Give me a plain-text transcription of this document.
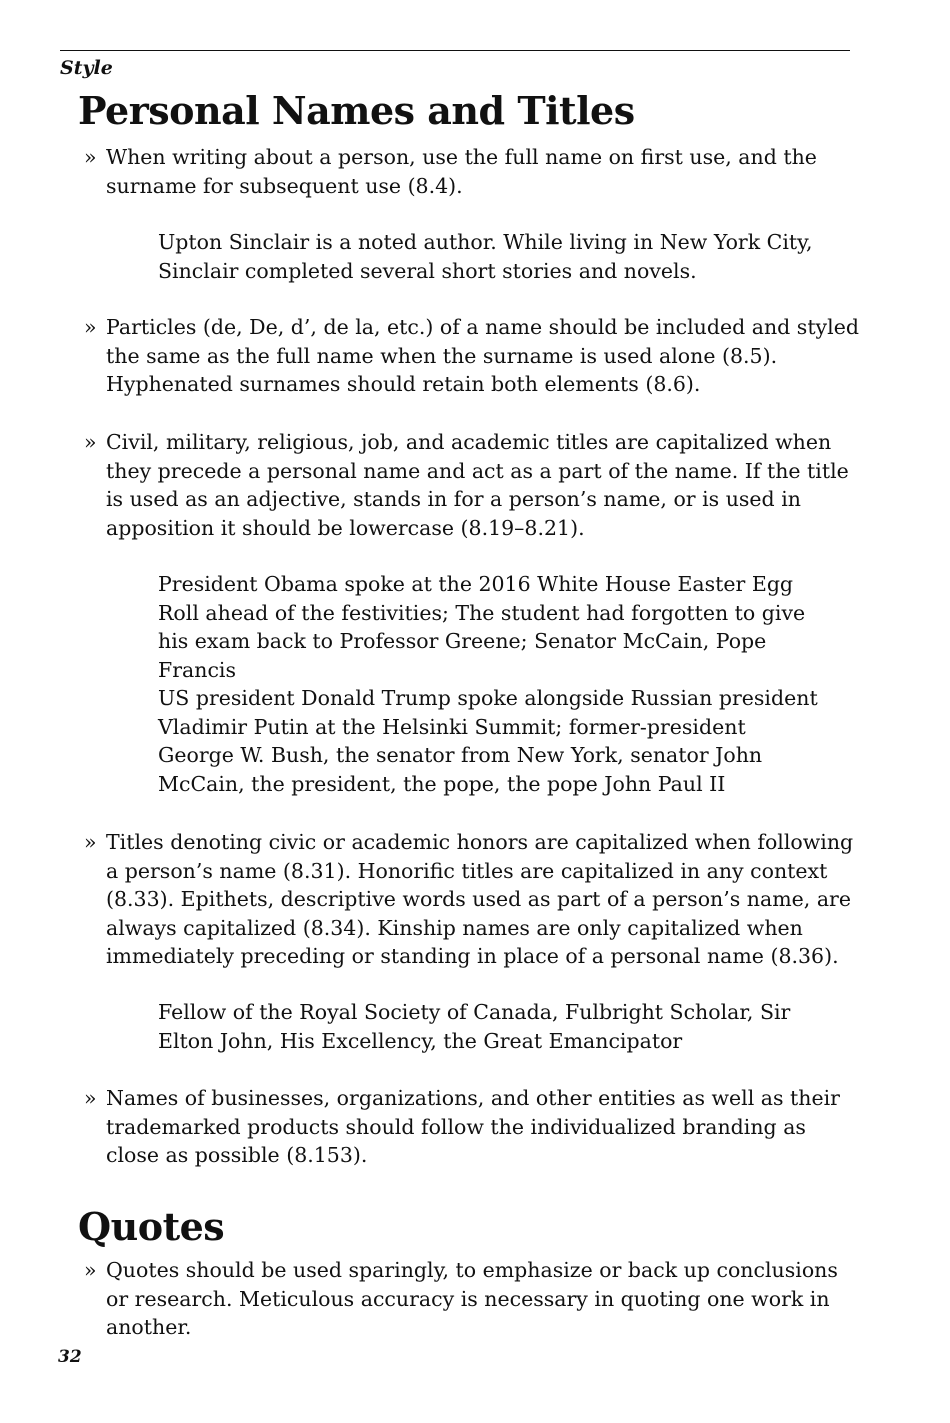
Style

Personal Names and Titles
» When writing about a person, use the full name on first use, and the surname for subsequent use (8.4).

Upton Sinclair is a noted author. While living in New York City, Sinclair completed several short stories and novels.

» Particles (de, De, d’, de la, etc.) of a name should be included and styled the same as the full name when the surname is used alone (8.5). Hyphenated surnames should retain both elements (8.6).
» Civil, military, religious, job, and academic titles are capitalized when they precede a personal name and act as a part of the name. If the title is used as an adjective, stands in for a person’s name, or is used in apposition it should be lowercase (8.19–8.21).

President Obama spoke at the 2016 White House Easter Egg Roll ahead of the festivities; The student had forgotten to give his exam back to Professor Greene; Senator McCain, Pope Francis

US president Donald Trump spoke alongside Russian president Vladimir Putin at the Helsinki Summit; former-president George W. Bush, the senator from New York, senator John McCain, the president, the pope, the pope John Paul II

» Titles denoting civic or academic honors are capitalized when following a person’s name (8.31). Honorific titles are capitalized in any context (8.33). Epithets, descriptive words used as part of a person’s name, are always capitalized (8.34). Kinship names are only capitalized when immediately preceding or standing in place of a personal name (8.36).

Fellow of the Royal Society of Canada, Fulbright Scholar, Sir Elton John, His Excellency, the Great Emancipator

» Names of businesses, organizations, and other entities as well as their trademarked products should follow the individualized branding as close as possible (8.153).
Quotes
» Quotes should be used sparingly, to emphasize or back up conclusions or research. Meticulous accuracy is necessary in quoting one work in another.

32
